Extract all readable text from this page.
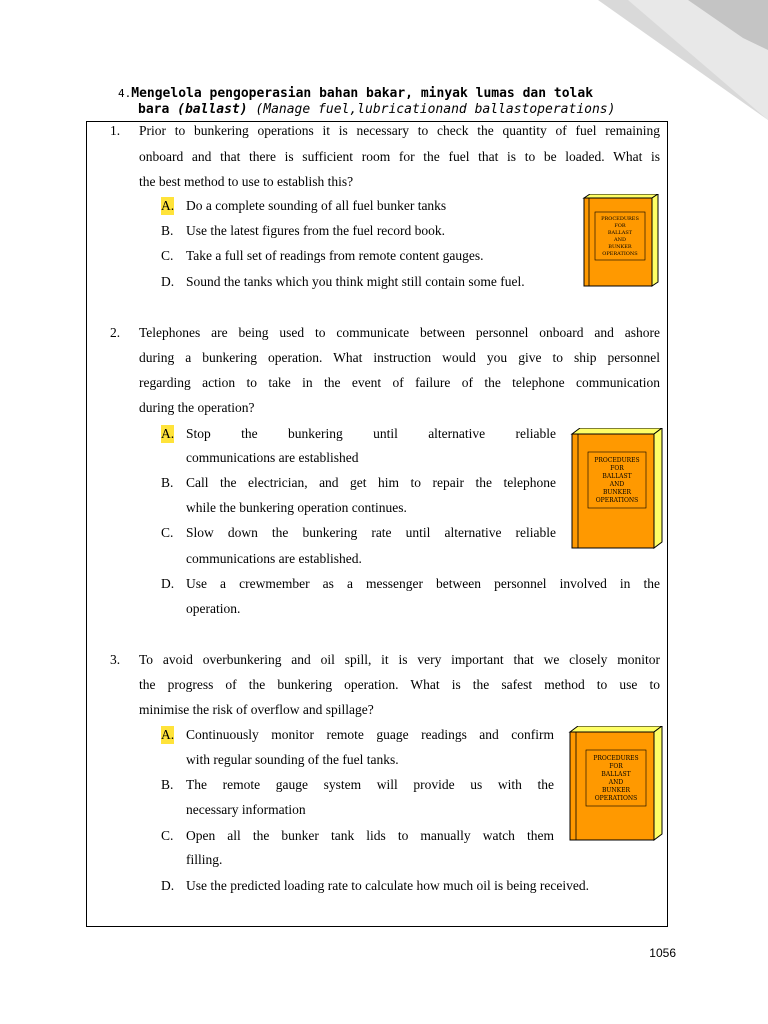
4.Mengelola pengoperasian bahan bakar, minyak lumas dan tolak
bara (ballast) (Manage fuel,lubricationand ballastoperations)
1. Prior to bunkering operations it is necessary to check the quantity of fuel remaining
onboard and that there is sufficient room for the fuel that is to be loaded. What is
the best method to use to establish this?
A. Do a complete sounding of all fuel bunker tanks
B. Use the latest figures from the fuel record book.
C. Take a full set of readings from remote content gauges.
D. Sound the tanks which you think might still contain some fuel.
2. Telephones are being used to communicate between personnel onboard and ashore
during a bunkering operation. What instruction would you give to ship personnel
regarding action to take in the event of failure of the telephone communication
during the operation?
A. Stop the bunkering until alternative reliable
communications are established
B. Call the electrician, and get him to repair the telephone
while the bunkering operation continues.
C. Slow down the bunkering rate until alternative reliable
communications are established.
D. Use a crewmember as a messenger between personnel involved in the
operation.
3. To avoid overbunkering and oil spill, it is very important that we closely monitor
the progress of the bunkering operation. What is the safest method to use to
minimise the risk of overflow and spillage?
A. Continuously monitor remote guage readings and confirm
with regular sounding of the fuel tanks.
B. The remote gauge system will provide us with the
necessary information
C. Open all the bunker tank lids to manually watch them
filling.
D. Use the predicted loading rate to calculate how much oil is being received.
PROCEDURES
FOR
BALLAST
AND
BUNKER
OPERATIONS
PROCEDURES
FOR
BALLAST
AND
BUNKER
OPERATIONS
PROCEDURES
FOR
BALLAST
AND
BUNKER
OPERATIONS
1056
